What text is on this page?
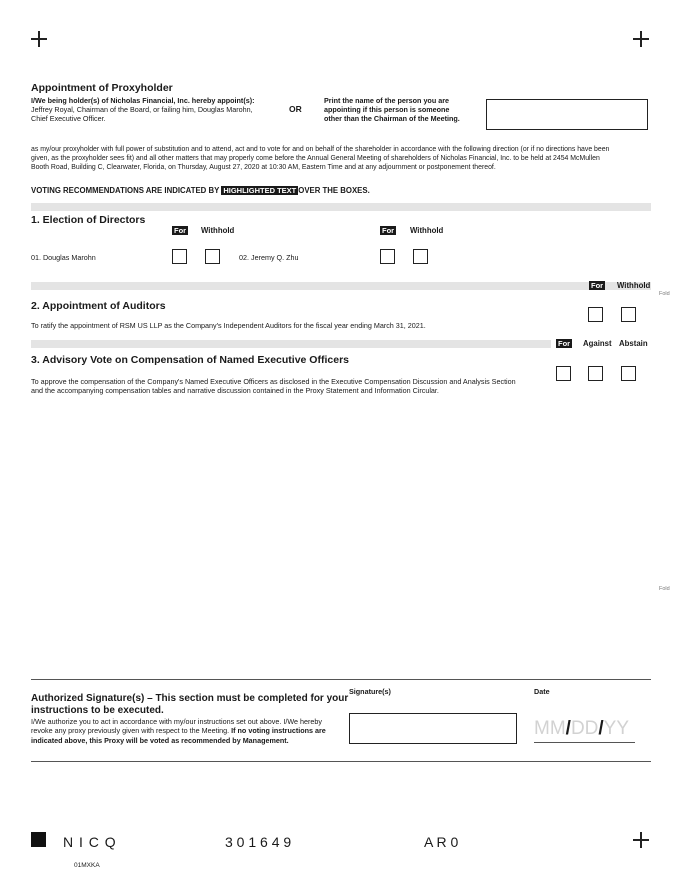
Appointment of Proxyholder
I/We being holder(s) of Nicholas Financial, Inc. hereby appoint(s):
Jeffrey Royal, Chairman of the Board, or failing him, Douglas Marohn,
Chief Executive Officer.
OR
Print the name of the person you are
appointing if this person is someone
other than the Chairman of the Meeting.
as my/our proxyholder with full power of substitution and to attend, act and to vote for and on behalf of the shareholder in accordance with the following direction (or if no directions have been
given, as the proxyholder sees fit) and all other matters that may properly come before the Annual General Meeting of shareholders of Nicholas Financial, Inc. to be held at 2454 McMullen
Booth Road, Building C, Clearwater, Florida, on Thursday, August 27, 2020 at 10:30 AM, Eastern Time and at any adjournment or postponement thereof.
VOTING RECOMMENDATIONS ARE INDICATED BY HIGHLIGHTED TEXT OVER THE BOXES.
1. Election of Directors
For Withhold	For Withhold
01. Douglas Marohn	02. Jeremy Q. Zhu
For Withhold
Fold
2. Appointment of Auditors
To ratify the appointment of RSM US LLP as the Company's Independent Auditors for the fiscal year ending March 31, 2021.
For Against Abstain
3. Advisory Vote on Compensation of Named Executive Officers
To approve the compensation of the Company's Named Executive Officers as disclosed in the Executive Compensation Discussion and Analysis Section
and the accompanying compensation tables and narrative discussion contained in the Proxy Statement and Information Circular.
Fold
Authorized Signature(s) – This section must be completed for your
instructions to be executed.
I/We authorize you to act in accordance with my/our instructions set out above. I/We hereby
revoke any proxy previously given with respect to the Meeting. If no voting instructions are
indicated above, this Proxy will be voted as recommended by Management.
Signature(s)	Date
MM/DD/YY
N I C Q	3 0 1 6 4 9	A R 0
01MXKA
